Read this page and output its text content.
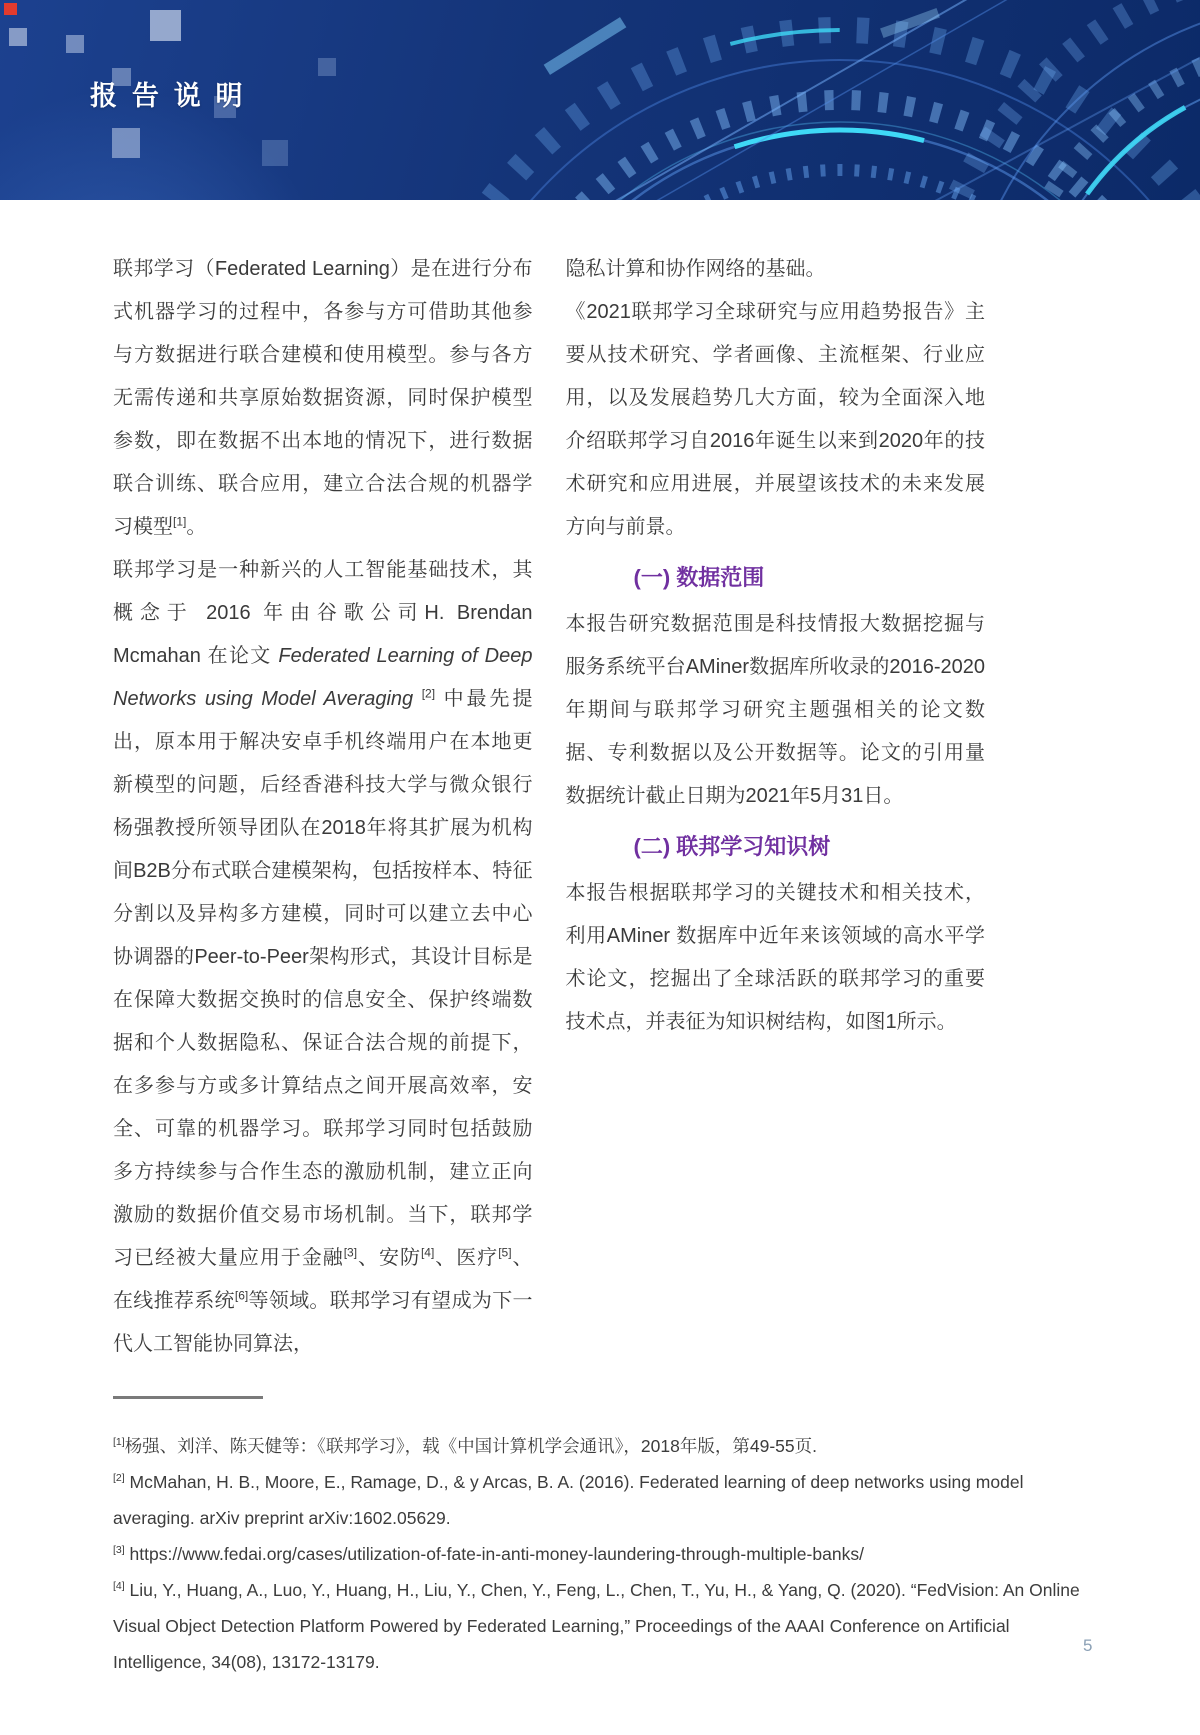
报告说明

联邦学习（Federated Learning）是在进行分布式机器学习的过程中，各参与方可借助其他参与方数据进行联合建模和使用模型。参与各方无需传递和共享原始数据资源，同时保护模型参数，即在数据不出本地的情况下，进行数据联合训练、联合应用，建立合法合规的机器学习模型[1]。

联邦学习是一种新兴的人工智能基础技术，其概念于 2016 年由谷歌公司H. Brendan Mcmahan 在论文 Federated Learning of Deep Networks using Model Averaging [2] 中最先提出，原本用于解决安卓手机终端用户在本地更新模型的问题，后经香港科技大学与微众银行杨强教授所领导团队在2018年将其扩展为机构间B2B分布式联合建模架构，包括按样本、特征分割以及异构多方建模，同时可以建立去中心协调器的Peer-to-Peer架构形式，其设计目标是在保障大数据交换时的信息安全、保护终端数据和个人数据隐私、保证合法合规的前提下，在多参与方或多计算结点之间开展高效率，安全、可靠的机器学习。联邦学习同时包括鼓励多方持续参与合作生态的激励机制，建立正向激励的数据价值交易市场机制。当下，联邦学习已经被大量应用于金融[3]、安防[4]、医疗[5]、在线推荐系统[6]等领域。联邦学习有望成为下一代人工智能协同算法，

隐私计算和协作网络的基础。

《2021联邦学习全球研究与应用趋势报告》主要从技术研究、学者画像、主流框架、行业应用，以及发展趋势几大方面，较为全面深入地介绍联邦学习自2016年诞生以来到2020年的技术研究和应用进展，并展望该技术的未来发展方向与前景。

(一) 数据范围

本报告研究数据范围是科技情报大数据挖掘与服务系统平台AMiner数据库所收录的2016-2020年期间与联邦学习研究主题强相关的论文数据、专利数据以及公开数据等。论文的引用量数据统计截止日期为2021年5月31日。

(二) 联邦学习知识树

本报告根据联邦学习的关键技术和相关技术，利用AMiner 数据库中近年来该领域的高水平学术论文，挖掘出了全球活跃的联邦学习的重要技术点，并表征为知识树结构，如图1所示。

[1]杨强、刘洋、陈天健等：《联邦学习》，载《中国计算机学会通讯》，2018年版，第49-55页.

[2] McMahan, H. B., Moore, E., Ramage, D., & y Arcas, B. A. (2016). Federated learning of deep networks using model averaging. arXiv preprint arXiv:1602.05629.

[3] https://www.fedai.org/cases/utilization-of-fate-in-anti-money-laundering-through-multiple-banks/

[4] Liu, Y., Huang, A., Luo, Y., Huang, H., Liu, Y., Chen, Y., Feng, L., Chen, T., Yu, H., & Yang, Q. (2020). “FedVision: An Online Visual Object Detection Platform Powered by Federated Learning,” Proceedings of the AAAI Conference on Artificial Intelligence, 34(08), 13172-13179.

5
